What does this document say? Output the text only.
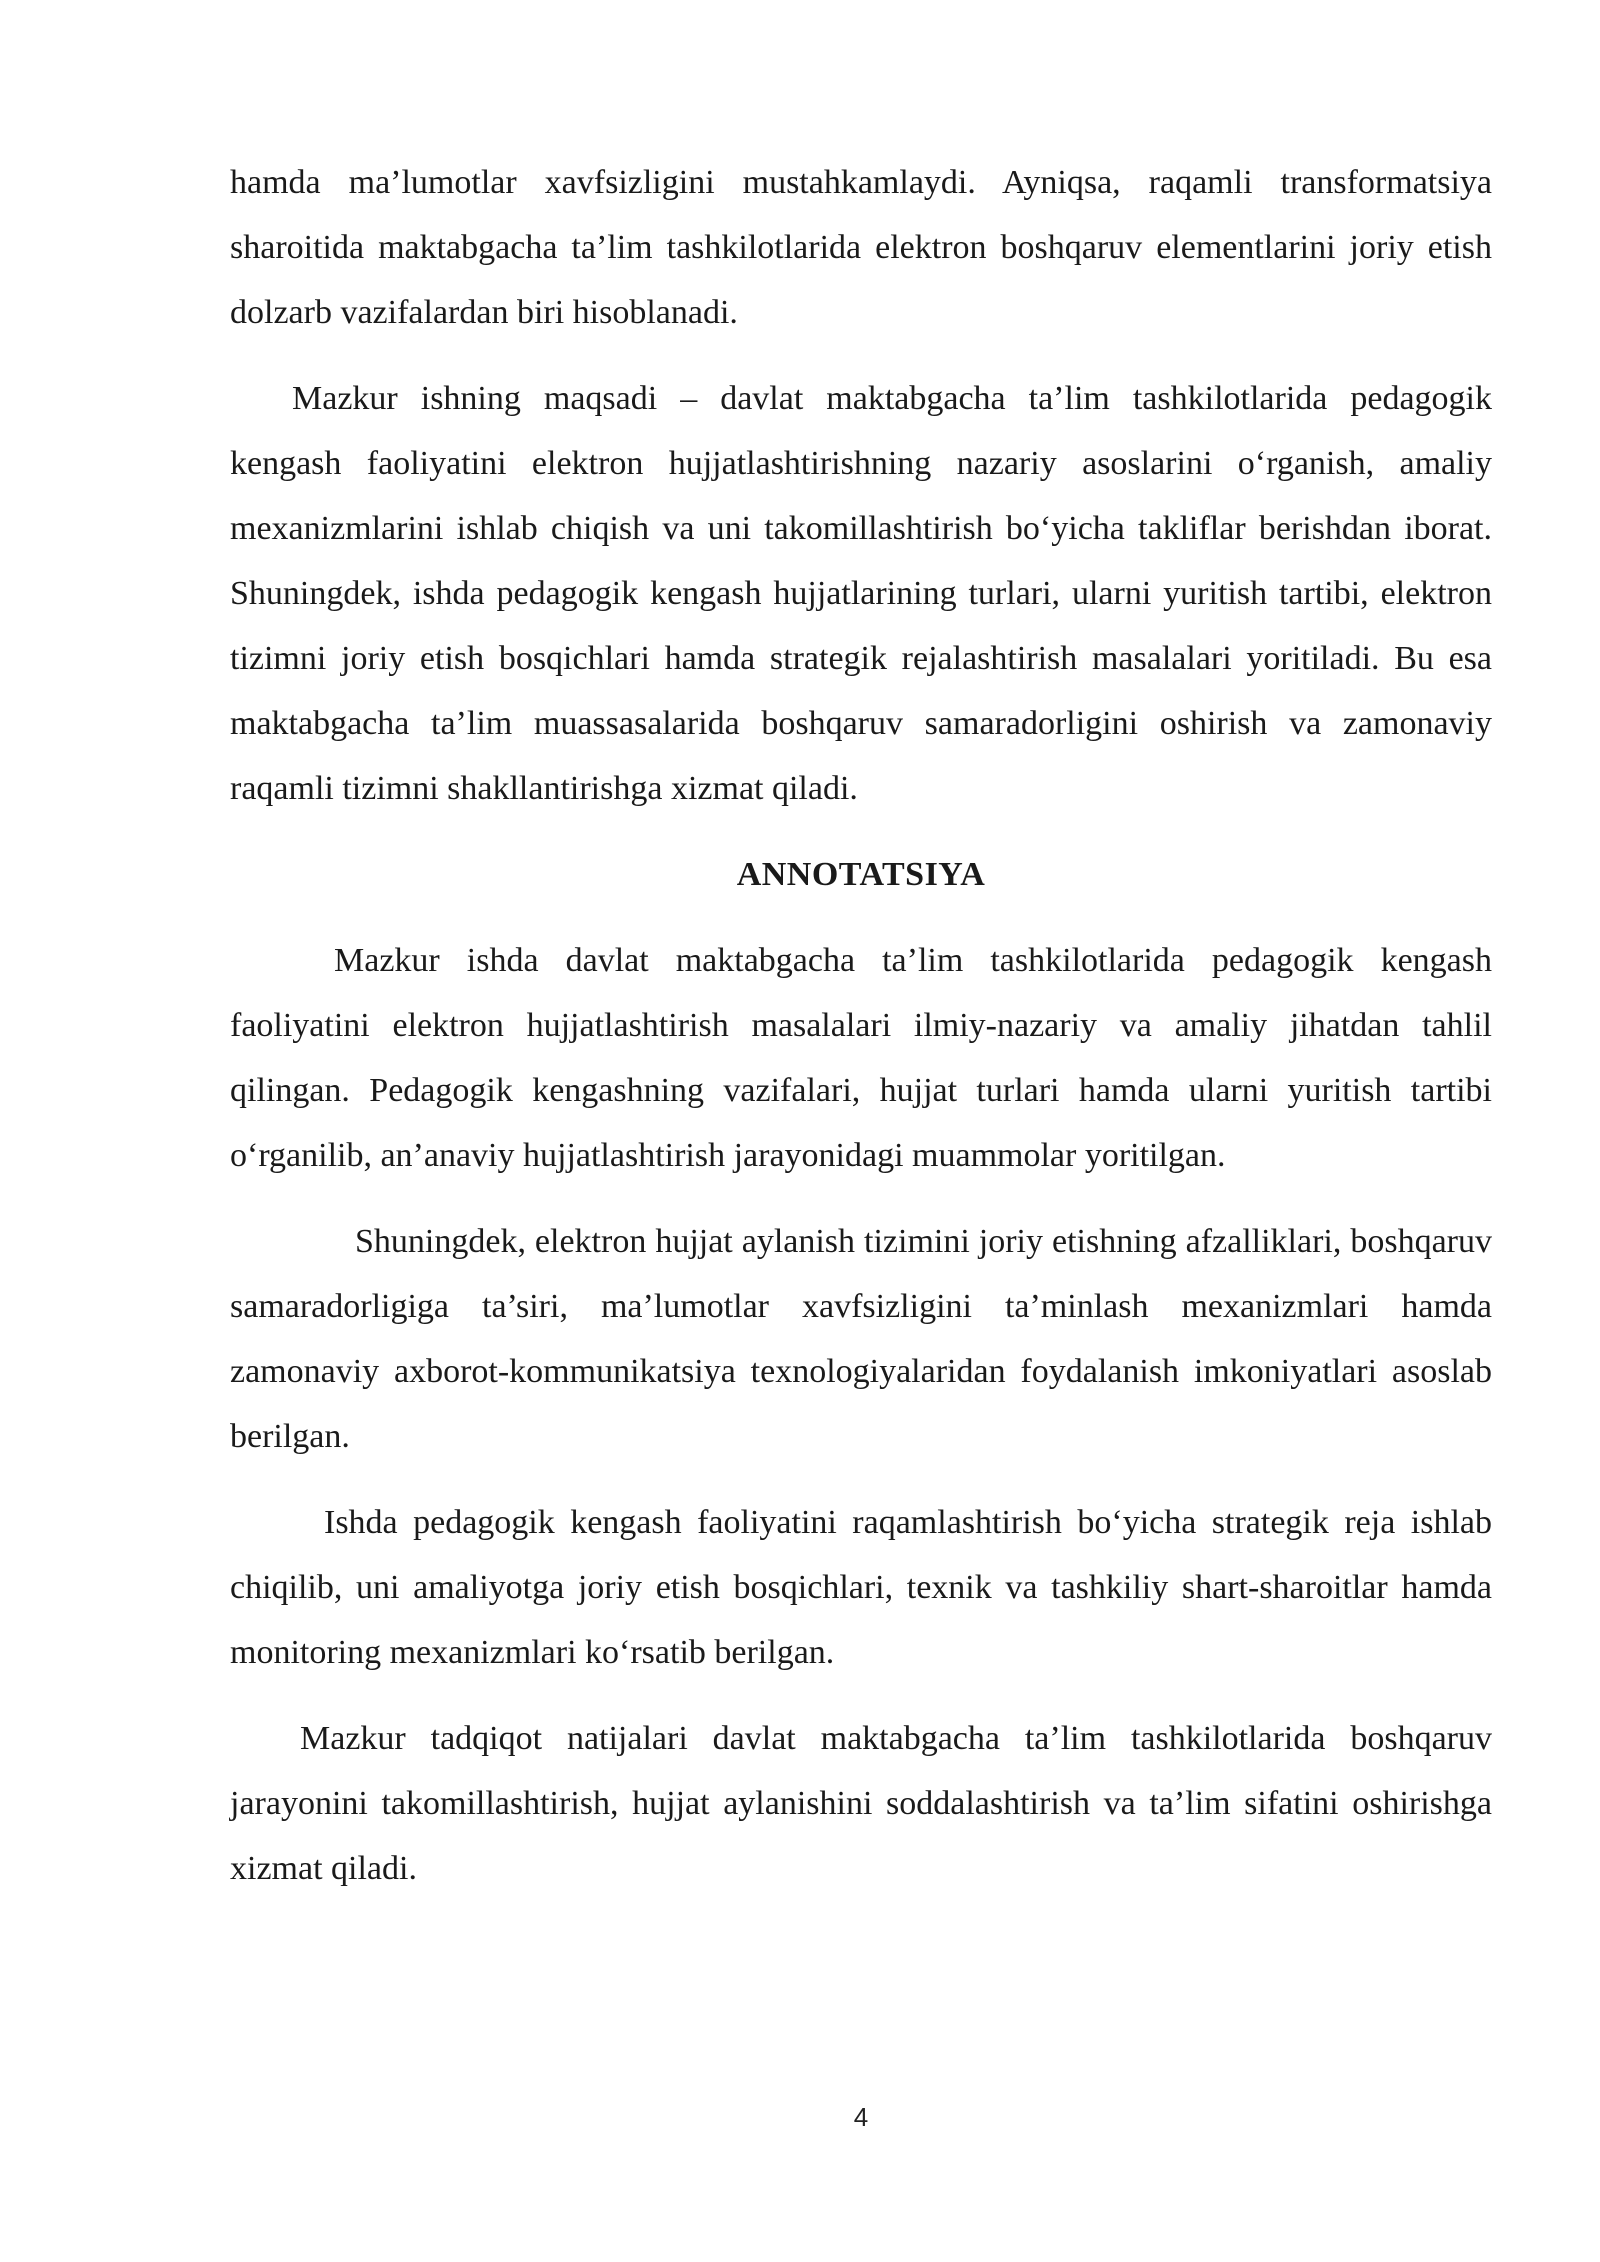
hamda ma’lumotlar xavfsizligini mustahkamlaydi. Ayniqsa, raqamli transformatsiya sharoitida maktabgacha ta’lim tashkilotlarida elektron boshqaruv elementlarini joriy etish dolzarb vazifalardan biri hisoblanadi.

Mazkur ishning maqsadi – davlat maktabgacha ta’lim tashkilotlarida pedagogik kengash faoliyatini elektron hujjatlashtirishning nazariy asoslarini o‘rganish, amaliy mexanizmlarini ishlab chiqish va uni takomillashtirish bo‘yicha takliflar berishdan iborat. Shuningdek, ishda pedagogik kengash hujjatlarining turlari, ularni yuritish tartibi, elektron tizimni joriy etish bosqichlari hamda strategik rejalashtirish masalalari yoritiladi. Bu esa maktabgacha ta’lim muassasalarida boshqaruv samaradorligini oshirish va zamonaviy raqamli tizimni shakllantirishga xizmat qiladi.

ANNOTATSIYA

Mazkur ishda davlat maktabgacha ta’lim tashkilotlarida pedagogik kengash faoliyatini elektron hujjatlashtirish masalalari ilmiy-nazariy va amaliy jihatdan tahlil qilingan. Pedagogik kengashning vazifalari, hujjat turlari hamda ularni yuritish tartibi o‘rganilib, an’anaviy hujjatlashtirish jarayonidagi muammolar yoritilgan.

Shuningdek, elektron hujjat aylanish tizimini joriy etishning afzalliklari, boshqaruv samaradorligiga ta’siri, ma’lumotlar xavfsizligini ta’minlash mexanizmlari hamda zamonaviy axborot-kommunikatsiya texnologiyalaridan foydalanish imkoniyatlari asoslab berilgan.

Ishda pedagogik kengash faoliyatini raqamlashtirish bo‘yicha strategik reja ishlab chiqilib, uni amaliyotga joriy etish bosqichlari, texnik va tashkiliy shart-sharoitlar hamda monitoring mexanizmlari ko‘rsatib berilgan.

Mazkur tadqiqot natijalari davlat maktabgacha ta’lim tashkilotlarida boshqaruv jarayonini takomillashtirish, hujjat aylanishini soddalashtirish va ta’lim sifatini oshirishga xizmat qiladi.

4
